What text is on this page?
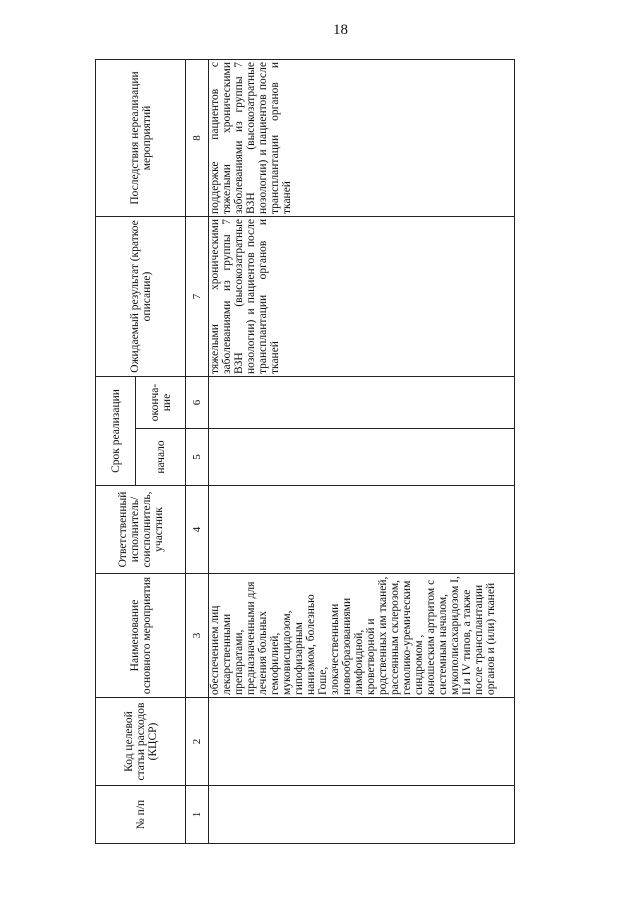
18
№ п/п	Код целевой статьи расходов (КЦСР)	Наименование основного мероприятия	Ответственный исполнитель/ соисполнитель, участник	Срок реализации		Ожидаемый результат (краткое описание)	Последствия нереализации мероприятий
				начало	оконча-ние		
1	2	3	4	5	6	7	8
		обеспечением лиц лекарственными препаратами, предназначенными для лечения больных гемофилией, муковисцидозом, гипофизарным нанизмом, болезнью Гоше, злокачественными новообразованиями лимфоидной, кроветворной и родственных им тканей, рассеянным склерозом, гемолико-уремическим синдромом , юношеским артритом с системным началом, мукополисахаридозом I, II и IV типов, а также после трансплантации органов и (или) тканей				тяжелыми хроническими заболеваниями из группы 7 ВЗН (высокозатратные нозологии) и пациентов после трансплантации органов и тканей	поддержке пациентов с тяжелыми хроническими заболеваниями из группы 7 ВЗН (высокозатратные нозологии) и пациентов после трансплантации органов и тканей
